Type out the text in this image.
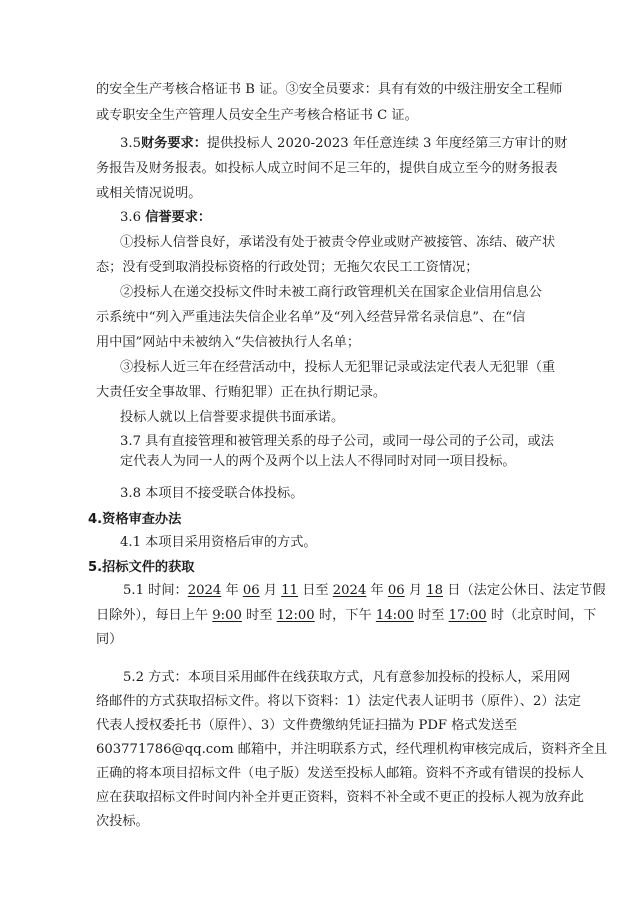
的安全生产考核合格证书 B 证。③安全员要求：具有有效的中级注册安全工程师
或专职安全生产管理人员安全生产考核合格证书 C 证。
3.5财务要求：提供投标人 2020-2023 年任意连续 3 年度经第三方审计的财
务报告及财务报表。如投标人成立时间不足三年的，提供自成立至今的财务报表
或相关情况说明。
3.6 信誉要求：
①投标人信誉良好，承诺没有处于被责令停业或财产被接管、冻结、破产状
态；没有受到取消投标资格的行政处罚；无拖欠农民工工资情况；
②投标人在递交投标文件时未被工商行政管理机关在国家企业信用信息公
示系统中“列入严重违法失信企业名单”及“列入经营异常名录信息”、在“信
用中国”网站中未被纳入“失信被执行人名单；
③投标人近三年在经营活动中，投标人无犯罪记录或法定代表人无犯罪（重
大责任安全事故罪、行贿犯罪）正在执行期记录。
投标人就以上信誉要求提供书面承诺。
3.7 具有直接管理和被管理关系的母子公司，或同一母公司的子公司，或法
定代表人为同一人的两个及两个以上法人不得同时对同一项目投标。
3.8 本项目不接受联合体投标。
4.资格审查办法
4.1 本项目采用资格后审的方式。
5.招标文件的获取
5.1 时间：2024 年 06 月 11 日至 2024 年 06 月 18 日（法定公休日、法定节假
日除外），每日上午 9:00 时至 12:00 时，下午 14:00 时至 17:00 时（北京时间，下
同）
5.2 方式：本项目采用邮件在线获取方式，凡有意参加投标的投标人，采用网
络邮件的方式获取招标文件。将以下资料：1）法定代表人证明书（原件）、2）法定
代表人授权委托书（原件）、3）文件费缴纳凭证扫描为 PDF 格式发送至
603771786@qq.com 邮箱中，并注明联系方式，经代理机构审核完成后，资料齐全且
正确的将本项目招标文件（电子版）发送至投标人邮箱。资料不齐或有错误的投标人
应在获取招标文件时间内补全并更正资料，资料不补全或不更正的投标人视为放弃此
次投标。
